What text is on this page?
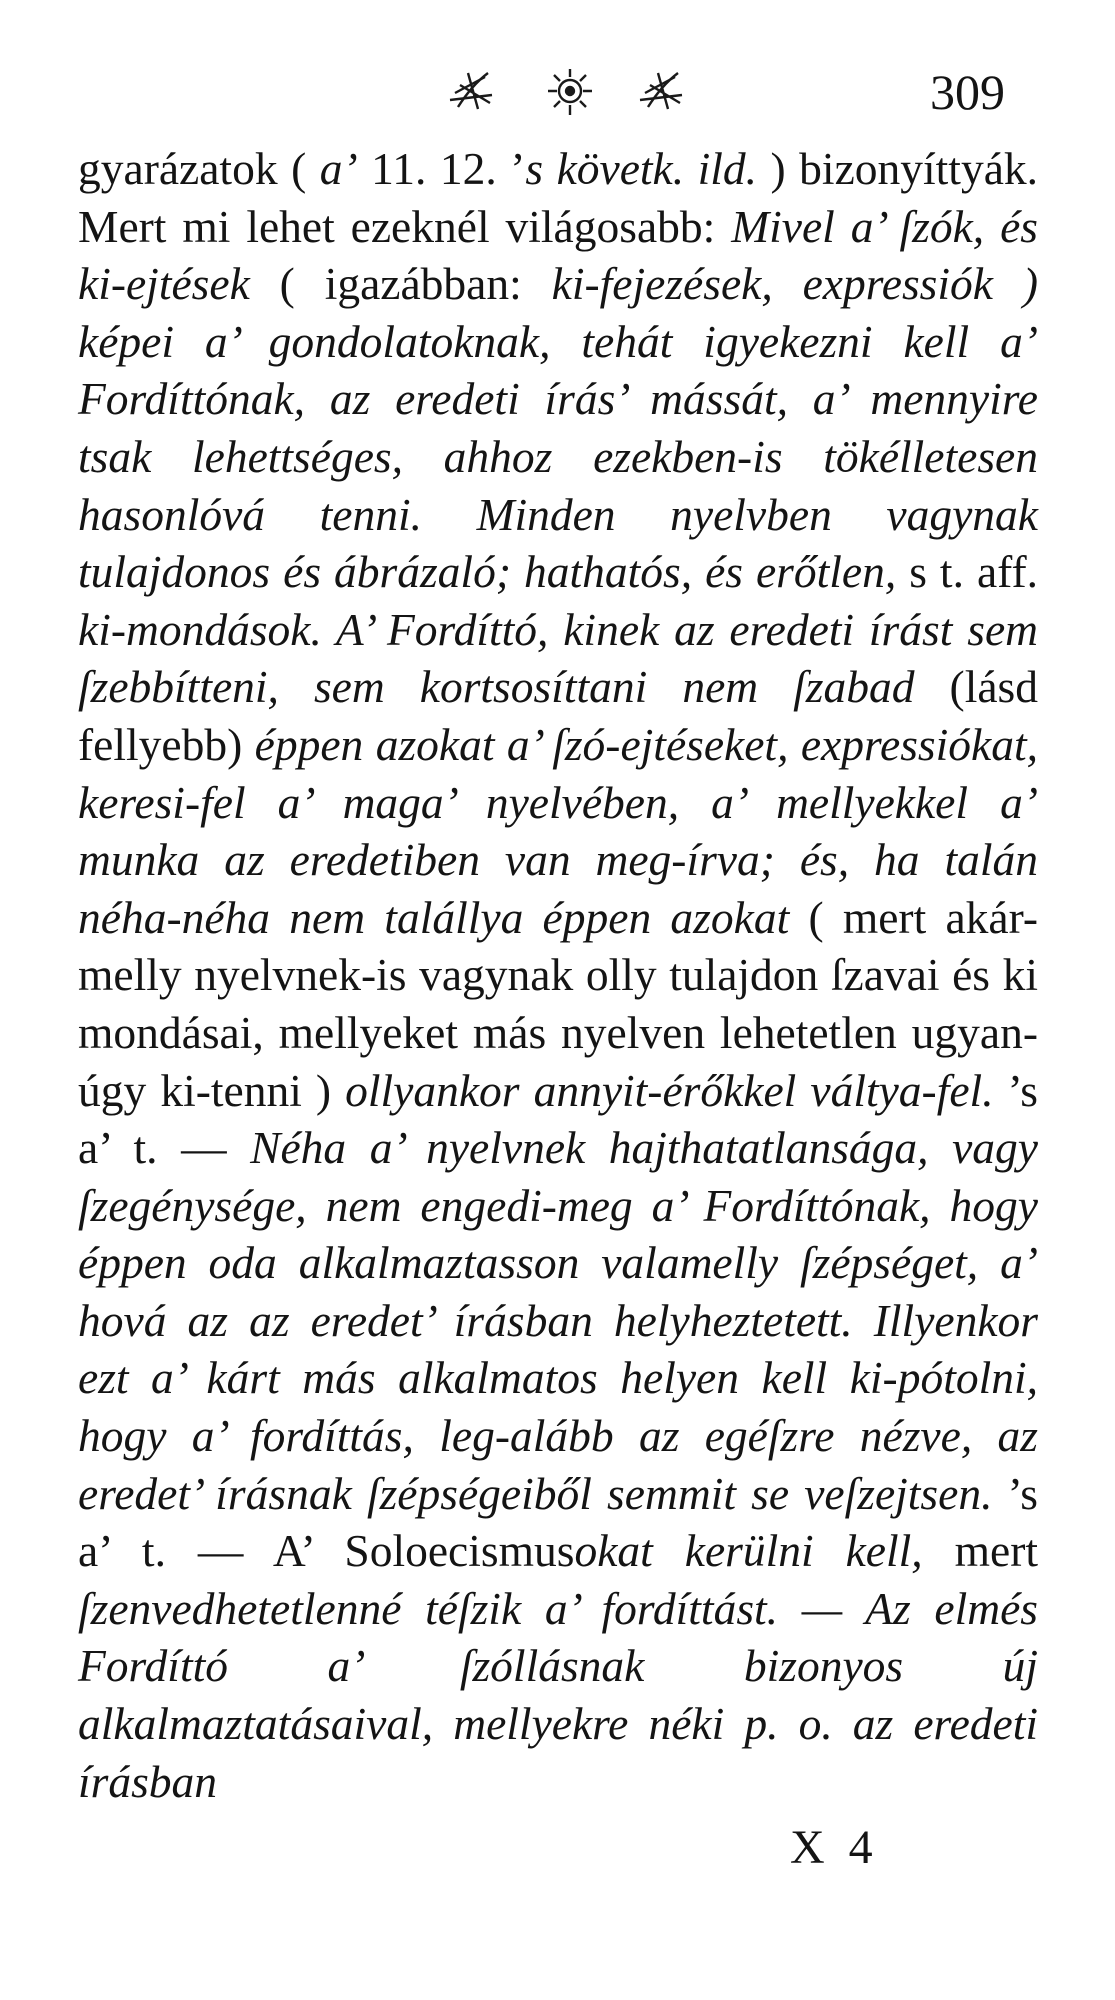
309

gyarázatok ( a’ 11. 12. ’s követk. ild. ) bizonyíttyák. Mert mi lehet ezeknél világosabb: Mivel a’ ſzók, és ki-ejtések ( igazábban: ki-fejezések, expressiók ) képei a’ gondolatoknak, tehát igyekezni kell a’ Fordíttónak, az eredeti írás’ mássát, a’ mennyire tsak lehettséges, ahhoz ezekben-is tökélletesen hasonlóvá tenni. Minden nyelvben vagynak tulajdonos és ábrázaló; hathatós, és erőtlen, s t. aff. ki-mondások. A’ Fordíttó, kinek az eredeti írást sem ſzebbítteni, sem kortsosíttani nem ſzabad (lásd fellyebb) éppen azokat a’ ſzó-ejtéseket, expressiókat, keresi-fel a’ maga’ nyelvében, a’ mellyekkel a’ munka az eredetiben van meg-írva; és, ha talán néha-néha nem talállya éppen azokat ( mert akár-melly nyelvnek-is vagynak olly tulajdon ſzavai és ki mondásai, mellyeket más nyelven lehetetlen ugyan-úgy ki-tenni ) ollyankor annyit-érőkkel váltya-fel. ’s a’ t. — Néha a’ nyelvnek hajthatatlansága, vagy ſzegénysége, nem engedi-meg a’ Fordíttónak, hogy éppen oda alkalmaztasson valamelly ſzépséget, a’ hová az az eredet’ írásban helyheztetett. Illyenkor ezt a’ kárt más alkalmatos helyen kell ki-pótolni, hogy a’ fordíttás, leg-alább az egéſzre nézve, az eredet’ írásnak ſzépségeiből semmit se veſzejtsen. ’s a’ t. — A’ Soloecismusokat kerülni kell, mert ſzenvedhetetlenné téſzik a’ fordíttást. — Az elmés Fordíttó a’ ſzóllásnak bizonyos új alkalmaztatásaival, mellyekre néki p. o. az eredeti írásban

X 4
